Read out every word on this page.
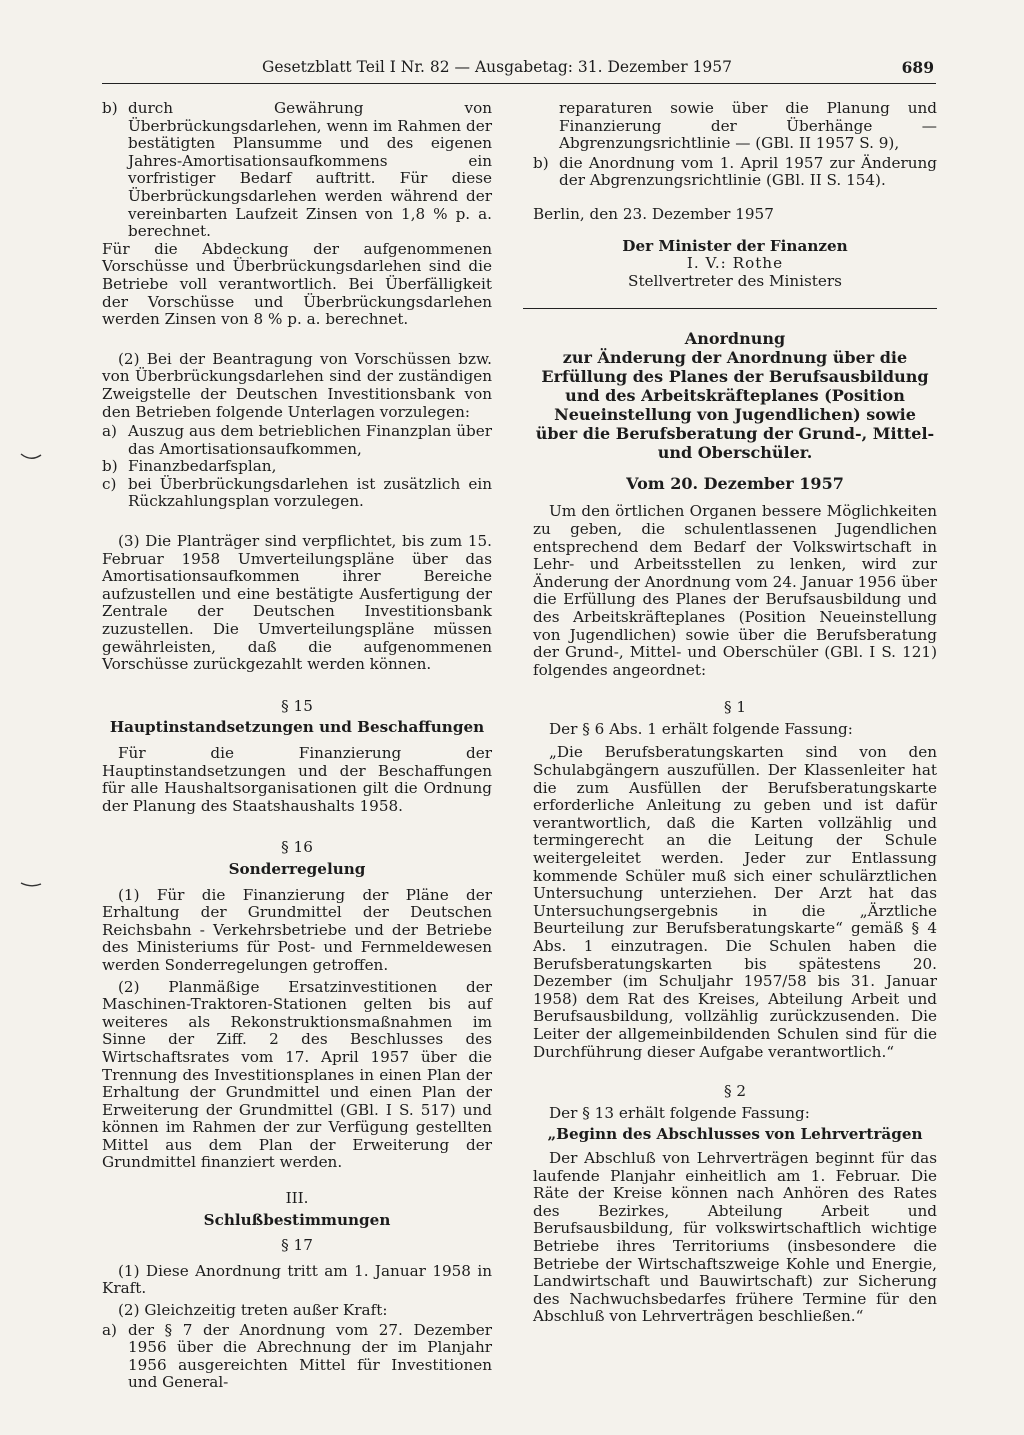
Gesetzblatt Teil I Nr. 82 — Ausgabetag: 31. Dezember 1957	689
b) durch Gewährung von Überbrückungsdarlehen, wenn im Rahmen der bestätigten Plansumme und des eigenen Jahres-Amortisationsaufkommens ein vorfristiger Bedarf auftritt. Für diese Überbrückungsdarlehen werden während der vereinbarten Laufzeit Zinsen von 1,8 % p. a. berechnet.

Für die Abdeckung der aufgenommenen Vorschüsse und Überbrückungsdarlehen sind die Betriebe voll verantwortlich. Bei Überfälligkeit der Vorschüsse und Überbrückungsdarlehen werden Zinsen von 8 % p. a. berechnet.

(2) Bei der Beantragung von Vorschüssen bzw. von Überbrückungsdarlehen sind der zuständigen Zweigstelle der Deutschen Investitionsbank von den Betrieben folgende Unterlagen vorzulegen:

a) Auszug aus dem betrieblichen Finanzplan über das Amortisationsaufkommen,
b) Finanzbedarfsplan,
c) bei Überbrückungsdarlehen ist zusätzlich ein Rückzahlungsplan vorzulegen.

(3) Die Planträger sind verpflichtet, bis zum 15. Februar 1958 Umverteilungspläne über das Amortisationsaufkommen ihrer Bereiche aufzustellen und eine bestätigte Ausfertigung der Zentrale der Deutschen Investitionsbank zuzustellen. Die Umverteilungspläne müssen gewährleisten, daß die aufgenommenen Vorschüsse zurückgezahlt werden können.

§ 15
Hauptinstandsetzungen und Beschaffungen

Für die Finanzierung der Hauptinstandsetzungen und der Beschaffungen für alle Haushaltsorganisationen gilt die Ordnung der Planung des Staatshaushalts 1958.

§ 16
Sonderregelung

(1) Für die Finanzierung der Pläne der Erhaltung der Grundmittel der Deutschen Reichsbahn - Verkehrsbetriebe und der Betriebe des Ministeriums für Post- und Fernmeldewesen werden Sonderregelungen getroffen.

(2) Planmäßige Ersatzinvestitionen der Maschinen-Traktoren-Stationen gelten bis auf weiteres als Rekonstruktionsmaßnahmen im Sinne der Ziff. 2 des Beschlusses des Wirtschaftsrates vom 17. April 1957 über die Trennung des Investitionsplanes in einen Plan der Erhaltung der Grundmittel und einen Plan der Erweiterung der Grundmittel (GBl. I S. 517) und können im Rahmen der zur Verfügung gestellten Mittel aus dem Plan der Erweiterung der Grundmittel finanziert werden.

III.
Schlußbestimmungen
§ 17

(1) Diese Anordnung tritt am 1. Januar 1958 in Kraft.

(2) Gleichzeitig treten außer Kraft:

a) der § 7 der Anordnung vom 27. Dezember 1956 über die Abrechnung der im Planjahr 1956 ausgereichten Mittel für Investitionen und General-

reparaturen sowie über die Planung und Finanzierung der Überhänge — Abgrenzungsrichtlinie — (GBl. II 1957 S. 9),

b) die Anordnung vom 1. April 1957 zur Änderung der Abgrenzungsrichtlinie (GBl. II S. 154).

Berlin, den 23. Dezember 1957

Der Minister der Finanzen
I. V.: Rothe
Stellvertreter des Ministers
Anordnung
zur Änderung der Anordnung über die Erfüllung des Planes der Berufsausbildung und des Arbeitskräfteplanes (Position Neueinstellung von Jugendlichen) sowie über die Berufsberatung der Grund-, Mittel- und Oberschüler.
Vom 20. Dezember 1957

Um den örtlichen Organen bessere Möglichkeiten zu geben, die schulentlassenen Jugendlichen entsprechend dem Bedarf der Volkswirtschaft in Lehr- und Arbeitsstellen zu lenken, wird zur Änderung der Anordnung vom 24. Januar 1956 über die Erfüllung des Planes der Berufsausbildung und des Arbeitskräfteplanes (Position Neueinstellung von Jugendlichen) sowie über die Berufsberatung der Grund-, Mittel- und Oberschüler (GBl. I S. 121) folgendes angeordnet:

§ 1

Der § 6 Abs. 1 erhält folgende Fassung:

„Die Berufsberatungskarten sind von den Schulabgängern auszufüllen. Der Klassenleiter hat die zum Ausfüllen der Berufsberatungskarte erforderliche Anleitung zu geben und ist dafür verantwortlich, daß die Karten vollzählig und termingerecht an die Leitung der Schule weitergeleitet werden. Jeder zur Entlassung kommende Schüler muß sich einer schulärztlichen Untersuchung unterziehen. Der Arzt hat das Untersuchungsergebnis in die „Ärztliche Beurteilung zur Berufsberatungskarte“ gemäß § 4 Abs. 1 einzutragen. Die Schulen haben die Berufsberatungskarten bis spätestens 20. Dezember (im Schuljahr 1957/58 bis 31. Januar 1958) dem Rat des Kreises, Abteilung Arbeit und Berufsausbildung, vollzählig zurückzusenden. Die Leiter der allgemeinbildenden Schulen sind für die Durchführung dieser Aufgabe verantwortlich.“

§ 2

Der § 13 erhält folgende Fassung:

„Beginn des Abschlusses von Lehrverträgen

Der Abschluß von Lehrverträgen beginnt für das laufende Planjahr einheitlich am 1. Februar. Die Räte der Kreise können nach Anhören des Rates des Bezirkes, Abteilung Arbeit und Berufsausbildung, für volkswirtschaftlich wichtige Betriebe ihres Territoriums (insbesondere die Betriebe der Wirtschaftszweige Kohle und Energie, Landwirtschaft und Bauwirtschaft) zur Sicherung des Nachwuchsbedarfes frühere Termine für den Abschluß von Lehrverträgen beschließen.“
